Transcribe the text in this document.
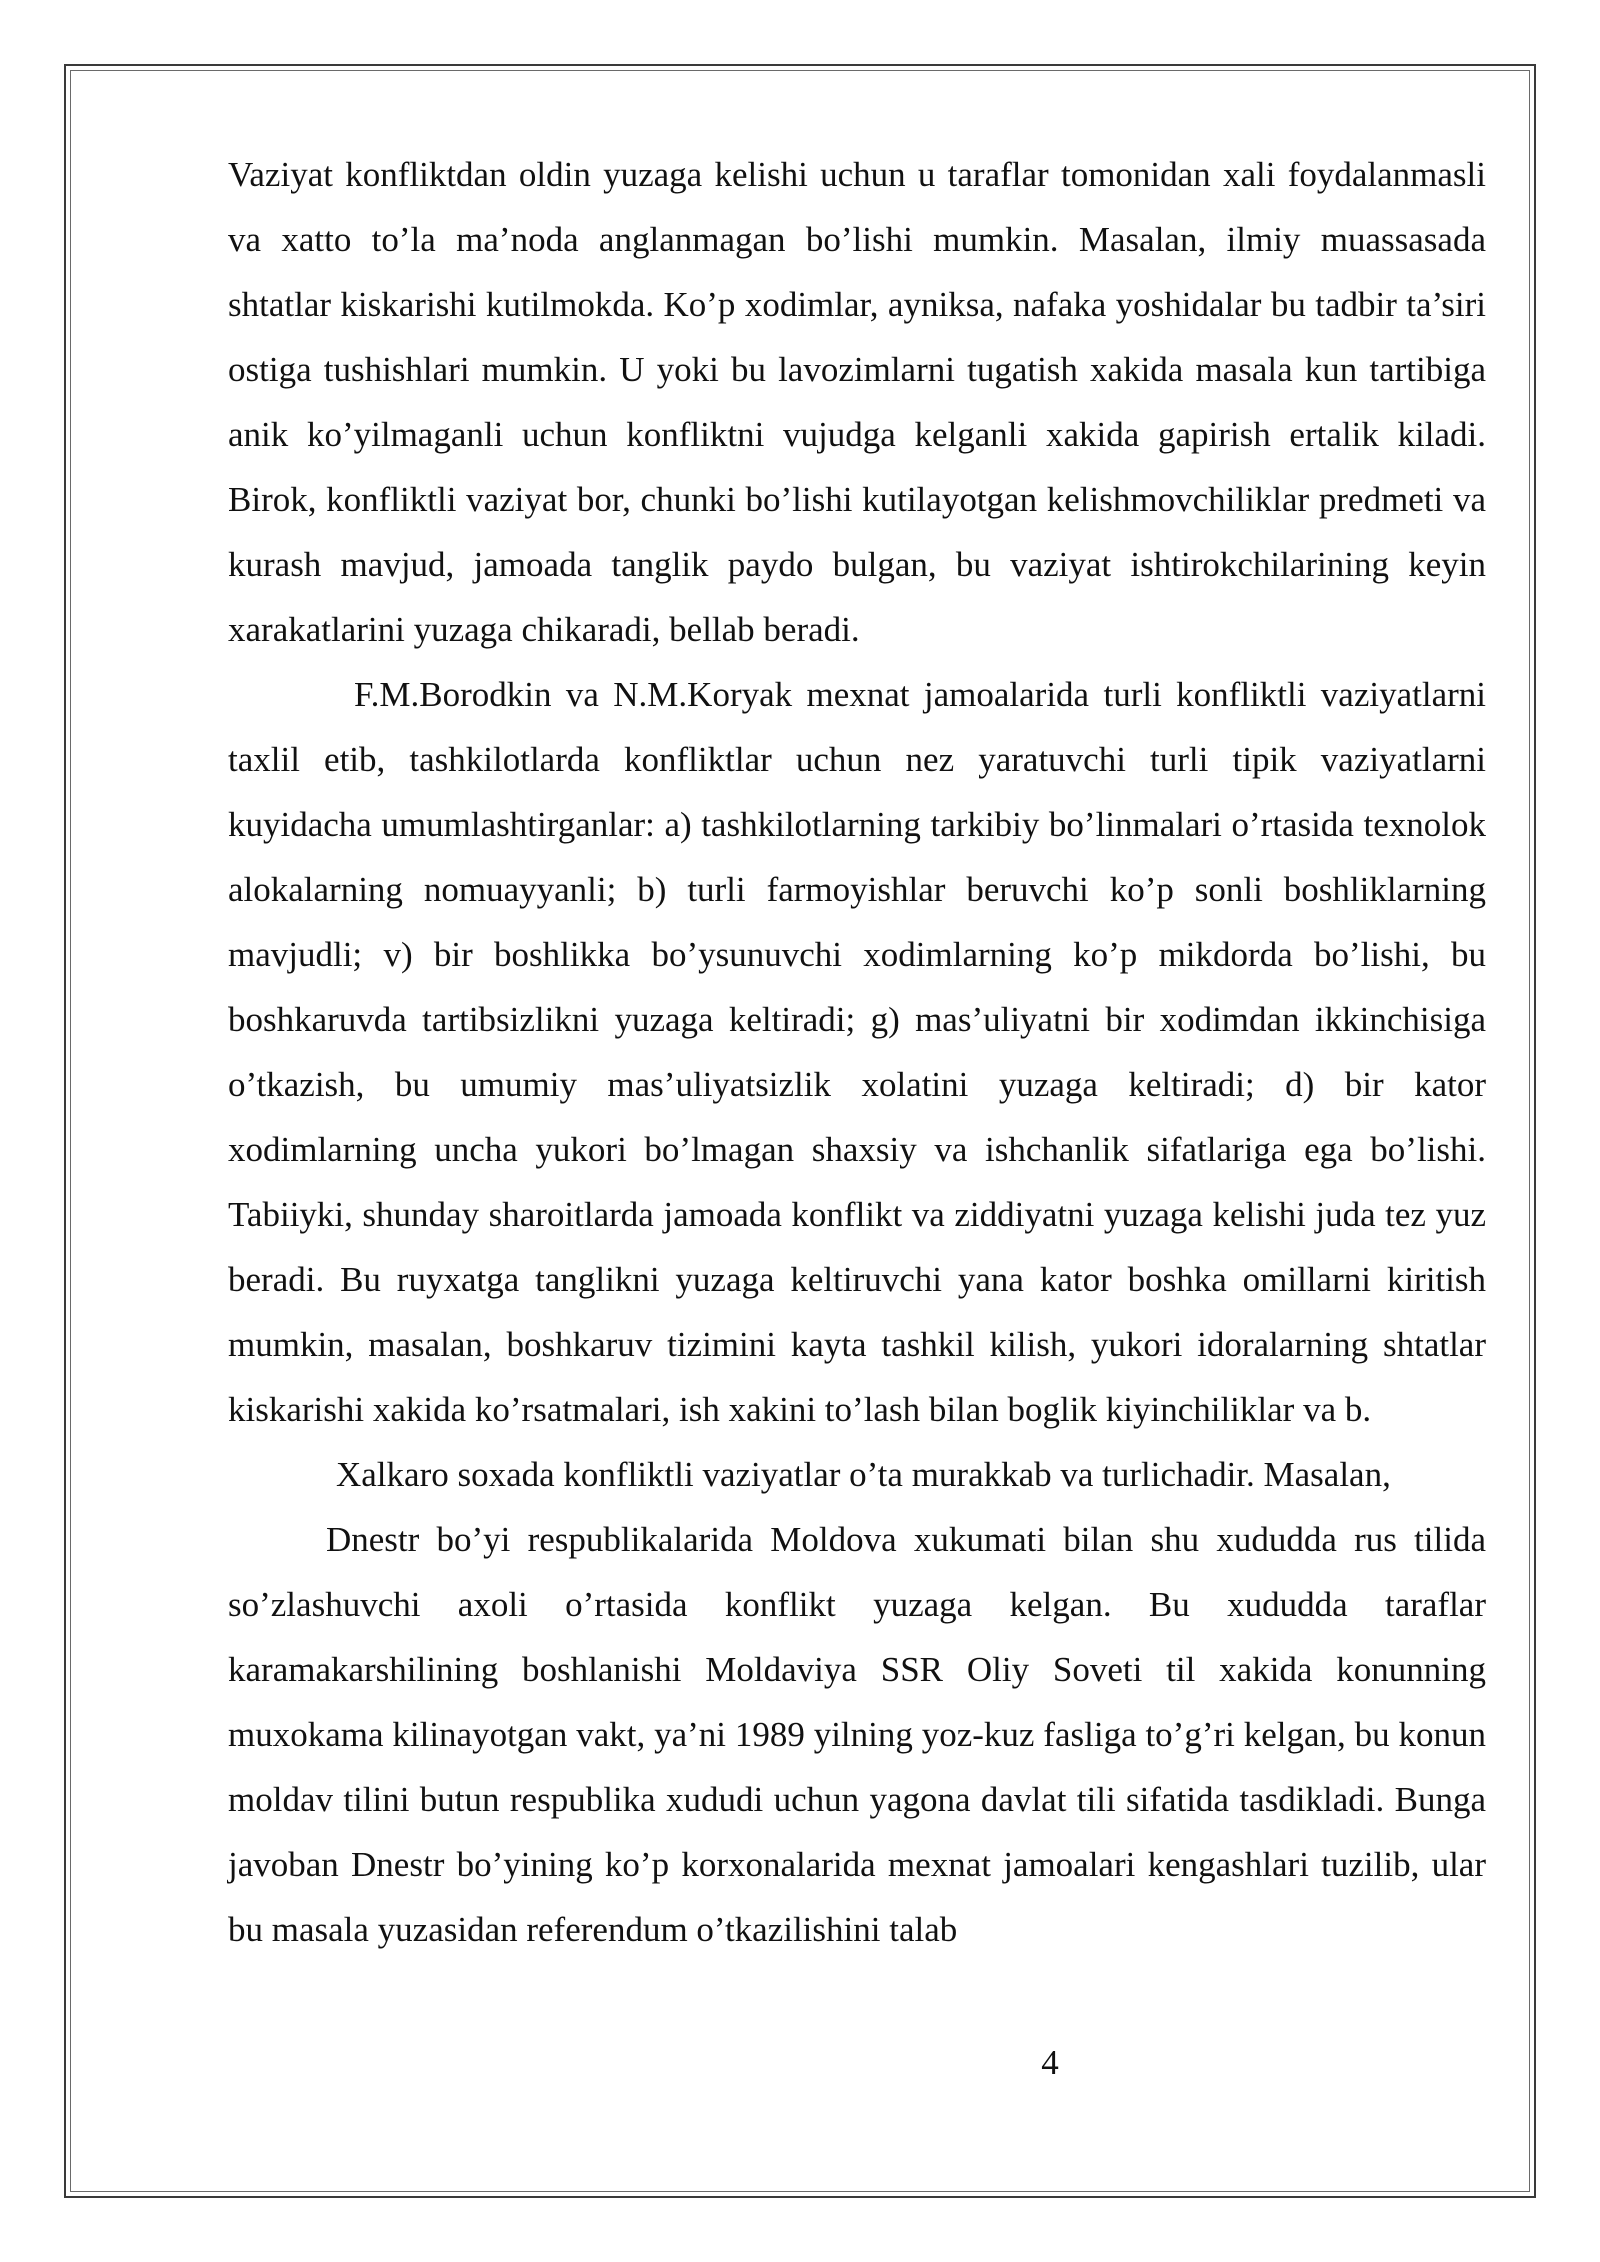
Vaziyat konfliktdan oldin yuzaga kelishi uchun u taraflar tomonidan xali foydalanmasli va xatto to’la ma’noda anglanmagan bo’lishi mumkin. Masalan, ilmiy muassasada shtatlar kiskarishi kutilmokda. Ko’p xodimlar, ayniksa, nafaka yoshidalar bu tadbir ta’siri ostiga tushishlari mumkin. U yoki bu lavozimlarni tugatish xakida masala kun tartibiga anik ko’yilmaganli uchun konfliktni vujudga kelganli xakida gapirish ertalik kiladi. Birok, konfliktli vaziyat bor, chunki bo’lishi kutilayotgan kelishmovchiliklar predmeti va kurash mavjud, jamoada tanglik paydo bulgan, bu vaziyat ishtirokchilarining keyin xarakatlarini yuzaga chikaradi, bellab beradi.

F.M.Borodkin va N.M.Koryak mexnat jamoalarida turli konfliktli vaziyatlarni taxlil etib, tashkilotlarda konfliktlar uchun nez yaratuvchi turli tipik vaziyatlarni kuyidacha umumlashtirganlar: a) tashkilotlarning tarkibiy bo’linmalari o’rtasida texnolok alokalarning nomuayyanli; b) turli farmoyishlar beruvchi ko’p sonli boshliklarning mavjudli; v) bir boshlikka bo’ysunuvchi xodimlarning ko’p mikdorda bo’lishi, bu boshkaruvda tartibsizlikni yuzaga keltiradi; g) mas’uliyatni bir xodimdan ikkinchisiga o’tkazish, bu umumiy mas’uliyatsizlik xolatini yuzaga keltiradi; d) bir kator xodimlarning uncha yukori bo’lmagan shaxsiy va ishchanlik sifatlariga ega bo’lishi. Tabiiyki, shunday sharoitlarda jamoada konflikt va ziddiyatni yuzaga kelishi juda tez yuz beradi. Bu ruyxatga tanglikni yuzaga keltiruvchi yana kator boshka omillarni kiritish mumkin, masalan, boshkaruv tizimini kayta tashkil kilish, yukori idoralarning shtatlar kiskarishi xakida ko’rsatmalari, ish xakini to’lash bilan boglik kiyinchiliklar va b.

Xalkaro soxada konfliktli vaziyatlar o’ta murakkab va turlichadir. Masalan,

Dnestr bo’yi respublikalarida Moldova xukumati bilan shu xududda rus tilida so’zlashuvchi axoli o’rtasida konflikt yuzaga kelgan. Bu xududda taraflar karamakarshilining boshlanishi Moldaviya SSR Oliy Soveti til xakida konunning muxokama kilinayotgan vakt, ya’ni 1989 yilning yoz-kuz fasliga to’g’ri kelgan, bu konun moldav tilini butun respublika xududi uchun yagona davlat tili sifatida tasdikladi. Bunga javoban Dnestr bo’yining ko’p korxonalarida mexnat jamoalari kengashlari tuzilib, ular bu masala yuzasidan referendum o’tkazilishini talab

4
